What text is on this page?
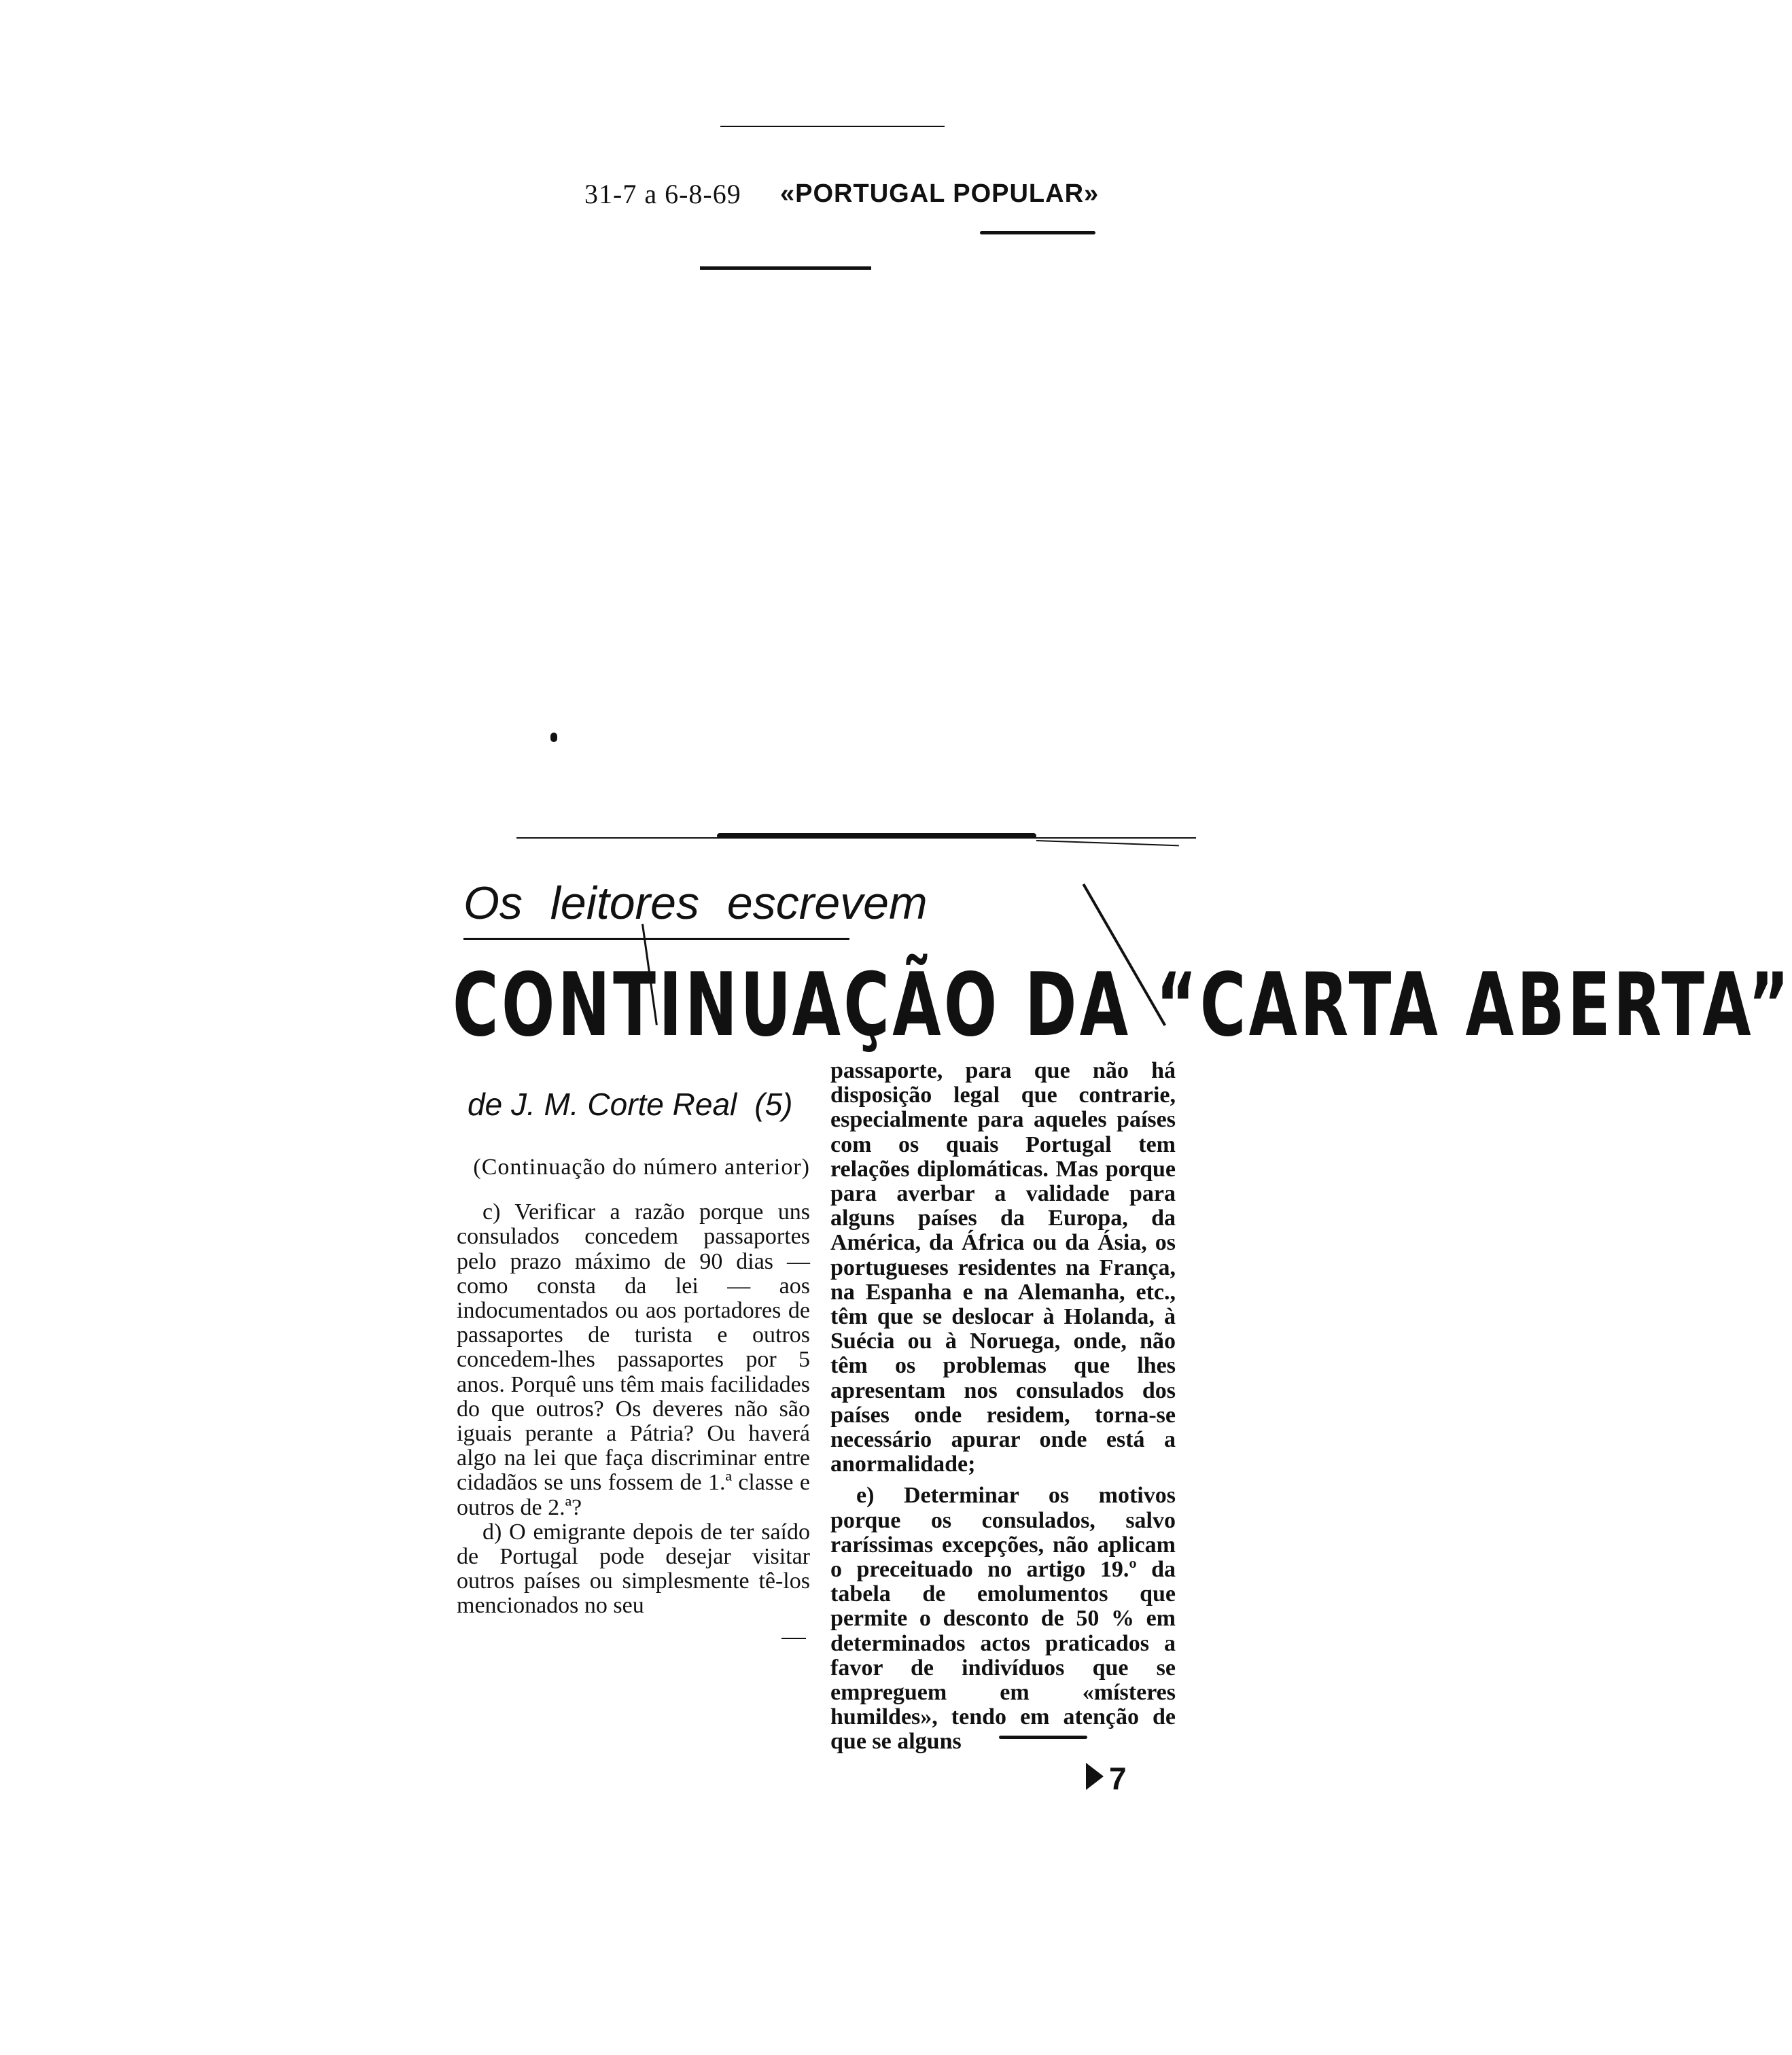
31-7 a 6-8-69 «PORTUGAL POPULAR»
Os leitores escrevem
CONTINUAÇÃO DA “CARTA ABERTA”
de J. M. Corte Real (5)

(Continuação do número anterior)

c) Verificar a razão porque uns consulados concedem passaportes pelo prazo máximo de 90 dias — como consta da lei — aos indocumentados ou aos portadores de passaportes de turista e outros concedem-lhes passaportes por 5 anos. Porquê uns têm mais facilidades do que outros? Os deveres não são iguais perante a Pátria? Ou haverá algo na lei que faça discriminar entre cidadãos se uns fossem de 1.ª classe e outros de 2.ª?

d) O emigrante depois de ter saído de Portugal pode desejar visitar outros países ou simplesmente tê-los mencionados no seu

passaporte, para que não há disposição legal que contrarie, especialmente para aqueles países com os quais Portugal tem relações diplomáticas. Mas porque para averbar a validade para alguns países da Europa, da América, da África ou da Ásia, os portugueses residentes na França, na Espanha e na Alemanha, etc., têm que se deslocar à Holanda, à Suécia ou à Noruega, onde, não têm os problemas que lhes apresentam nos consulados dos países onde residem, torna-se necessário apurar onde está a anormalidade;

e) Determinar os motivos porque os consulados, salvo raríssimas excepções, não aplicam o preceituado no artigo 19.º da tabela de emolumentos que permite o desconto de 50 % em determinados actos praticados a favor de indivíduos que se empreguem em «místeres humildes», tendo em atenção de que se alguns

7
